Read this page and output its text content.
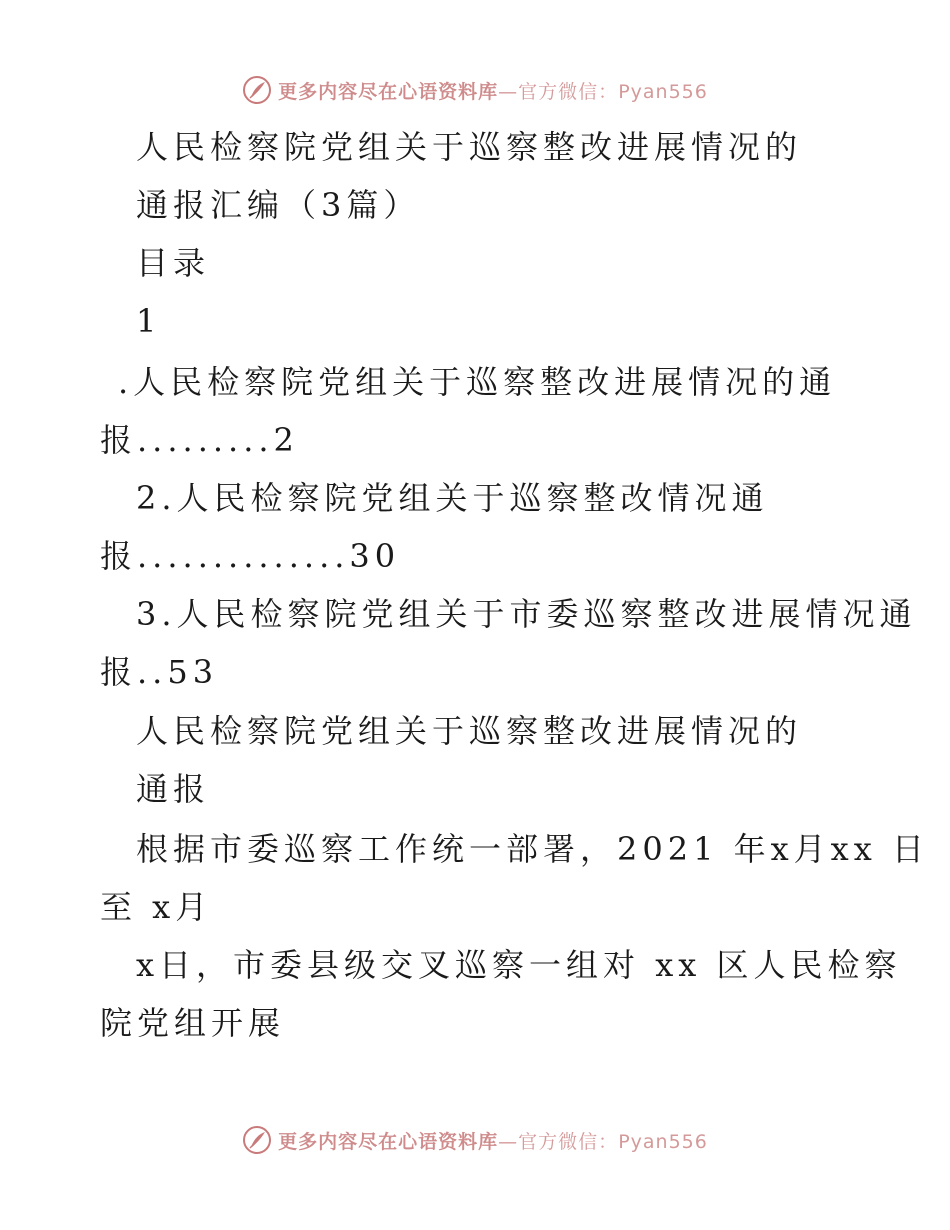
更多内容尽在心语资料库—官方微信：Pyan556
人民检察院党组关于巡察整改进展情况的
通报汇编（3篇）
目录
1
.人民检察院党组关于巡察整改进展情况的通
报.........2
2.人民检察院党组关于巡察整改情况通
报..............30
3.人民检察院党组关于市委巡察整改进展情况通
报..53
人民检察院党组关于巡察整改进展情况的
通报
根据市委巡察工作统一部署，2021 年x月xx 日
至 x月
x日，市委县级交叉巡察一组对 xx 区人民检察
院党组开展
更多内容尽在心语资料库—官方微信：Pyan556
